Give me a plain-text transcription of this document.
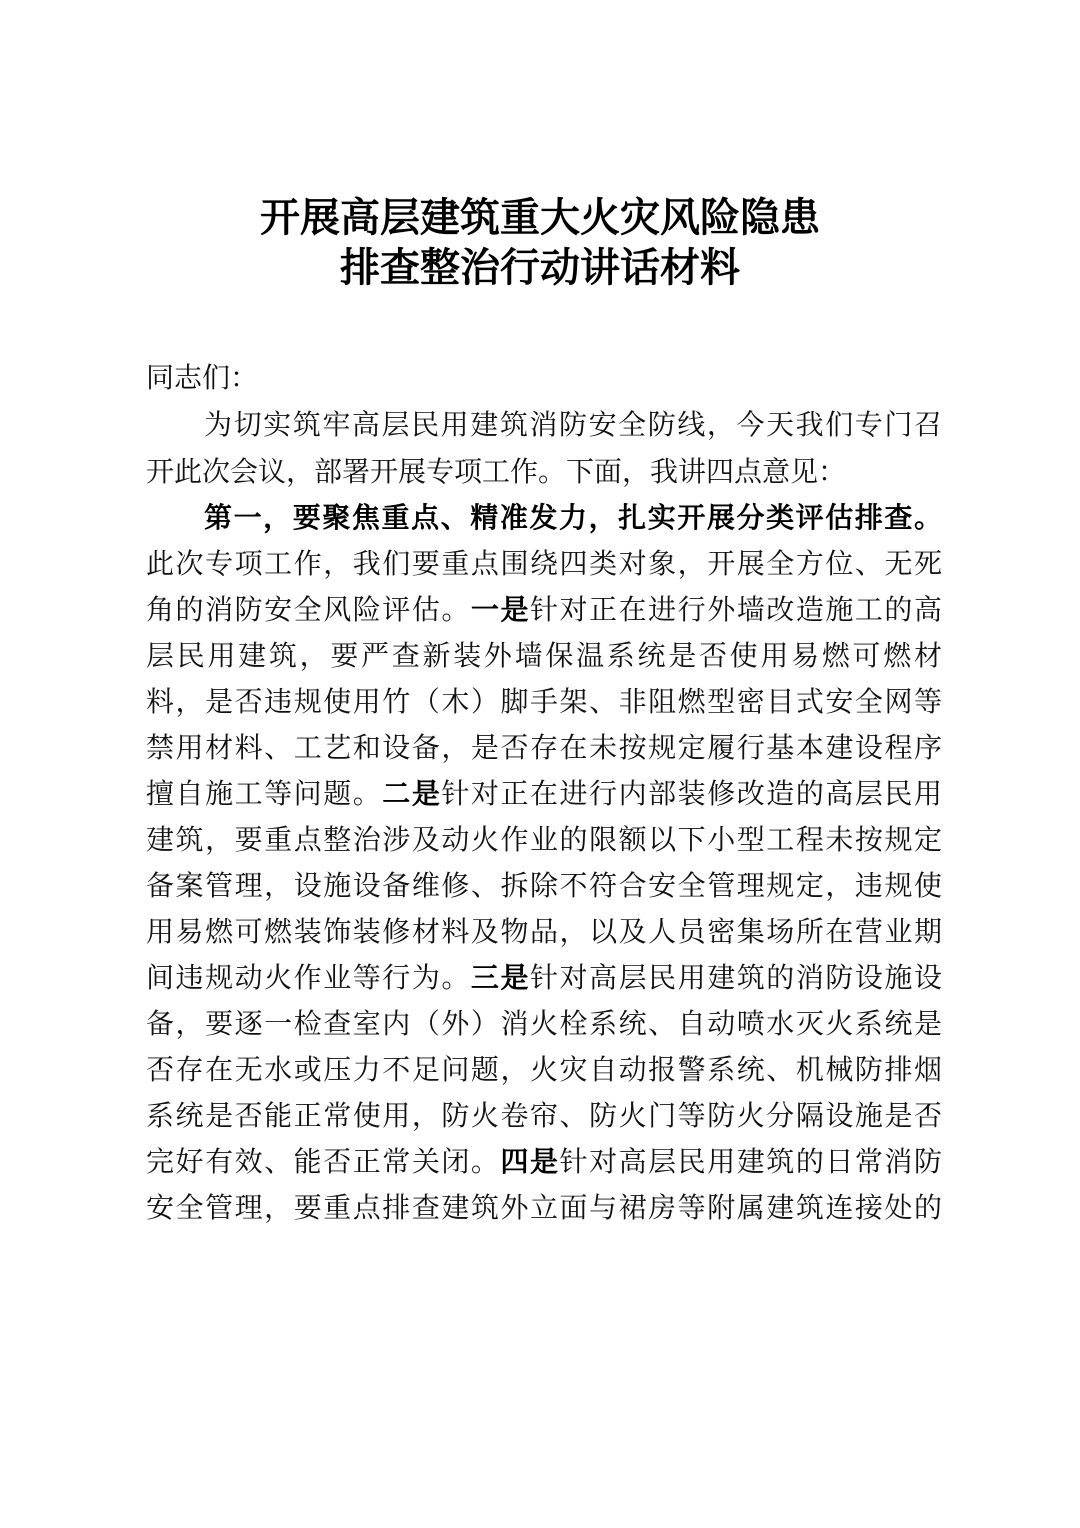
开展高层建筑重大火灾风险隐患
排查整治行动讲话材料
同志们：
为切实筑牢高层民用建筑消防安全防线，今天我们专门召
开此次会议，部署开展专项工作。下面，我讲四点意见：
第一，要聚焦重点、精准发力，扎实开展分类评估排查。
此次专项工作，我们要重点围绕四类对象，开展全方位、无死
角的消防安全风险评估。一是针对正在进行外墙改造施工的高
层民用建筑，要严查新装外墙保温系统是否使用易燃可燃材
料，是否违规使用竹（木）脚手架、非阻燃型密目式安全网等
禁用材料、工艺和设备，是否存在未按规定履行基本建设程序
擅自施工等问题。二是针对正在进行内部装修改造的高层民用
建筑，要重点整治涉及动火作业的限额以下小型工程未按规定
备案管理，设施设备维修、拆除不符合安全管理规定，违规使
用易燃可燃装饰装修材料及物品，以及人员密集场所在营业期
间违规动火作业等行为。三是针对高层民用建筑的消防设施设
备，要逐一检查室内（外）消火栓系统、自动喷水灭火系统是
否存在无水或压力不足问题，火灾自动报警系统、机械防排烟
系统是否能正常使用，防火卷帘、防火门等防火分隔设施是否
完好有效、能否正常关闭。四是针对高层民用建筑的日常消防
安全管理，要重点排查建筑外立面与裙房等附属建筑连接处的
